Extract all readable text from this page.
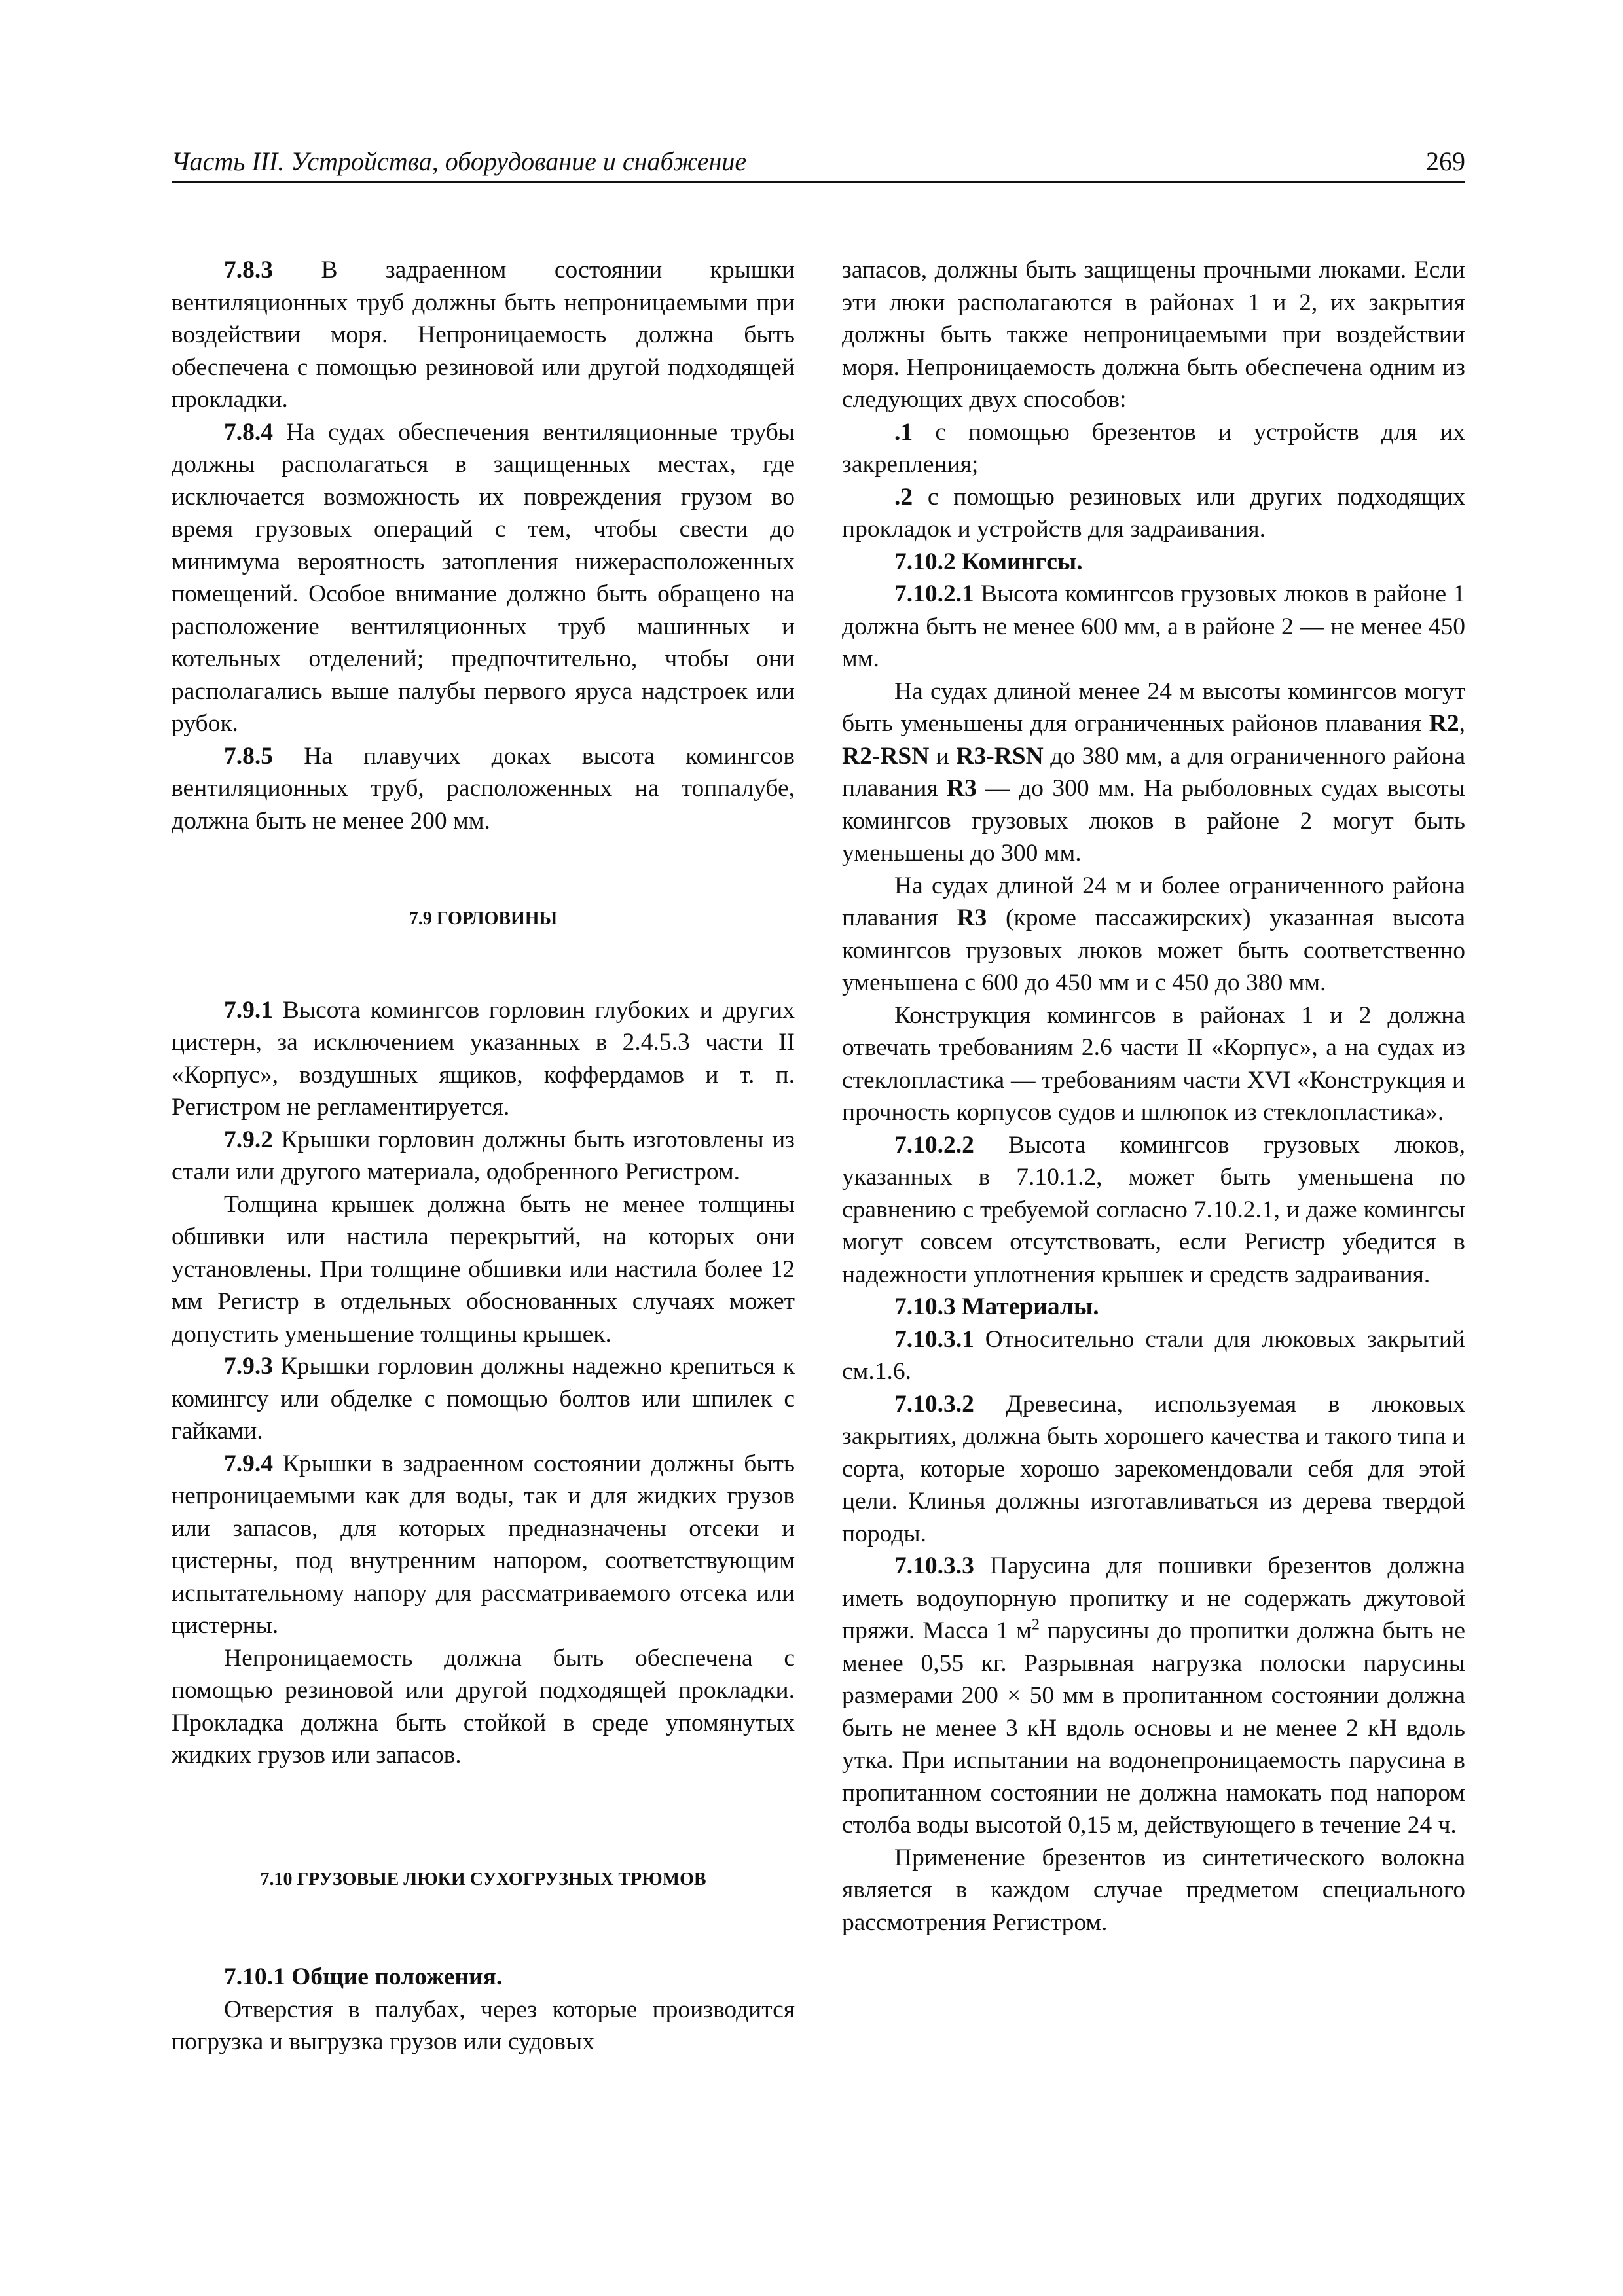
Часть III. Устройства, оборудование и снабжение	269

7.8.3 В задраенном состоянии крышки вентиляционных труб должны быть непроницаемыми при воздействии моря. Непроницаемость должна быть обеспечена с помощью резиновой или другой подходящей прокладки.

7.8.4 На судах обеспечения вентиляционные трубы должны располагаться в защищенных местах, где исключается возможность их повреждения грузом во время грузовых операций с тем, чтобы свести до минимума вероятность затопления нижерасположенных помещений. Особое внимание должно быть обращено на расположение вентиляционных труб машинных и котельных отделений; предпочтительно, чтобы они располагались выше палубы первого яруса надстроек или рубок.

7.8.5 На плавучих доках высота комингсов вентиляционных труб, расположенных на топпалубе, должна быть не менее 200 мм.

7.9 ГОРЛОВИНЫ

7.9.1 Высота комингсов горловин глубоких и других цистерн, за исключением указанных в 2.4.5.3 части II «Корпус», воздушных ящиков, коффердамов и т. п. Регистром не регламентируется.

7.9.2 Крышки горловин должны быть изготовлены из стали или другого материала, одобренного Регистром.

Толщина крышек должна быть не менее толщины обшивки или настила перекрытий, на которых они установлены. При толщине обшивки или настила более 12 мм Регистр в отдельных обоснованных случаях может допустить уменьшение толщины крышек.

7.9.3 Крышки горловин должны надежно крепиться к комингсу или обделке с помощью болтов или шпилек с гайками.

7.9.4 Крышки в задраенном состоянии должны быть непроницаемыми как для воды, так и для жидких грузов или запасов, для которых предназначены отсеки и цистерны, под внутренним напором, соответствующим испытательному напору для рассматриваемого отсека или цистерны.

Непроницаемость должна быть обеспечена с помощью резиновой или другой подходящей прокладки. Прокладка должна быть стойкой в среде упомянутых жидких грузов или запасов.

7.10 ГРУЗОВЫЕ ЛЮКИ СУХОГРУЗНЫХ ТРЮМОВ

7.10.1 Общие положения.

Отверстия в палубах, через которые производится погрузка и выгрузка грузов или судовых

запасов, должны быть защищены прочными люками. Если эти люки располагаются в районах 1 и 2, их закрытия должны быть также непроницаемыми при воздействии моря. Непроницаемость должна быть обеспечена одним из следующих двух способов:

.1 с помощью брезентов и устройств для их закрепления;

.2 с помощью резиновых или других подходящих прокладок и устройств для задраивания.

7.10.2 Комингсы.

7.10.2.1 Высота комингсов грузовых люков в районе 1 должна быть не менее 600 мм, а в районе 2 — не менее 450 мм.

На судах длиной менее 24 м высоты комингсов могут быть уменьшены для ограниченных районов плавания R2, R2-RSN и R3-RSN до 380 мм, а для ограниченного района плавания R3 — до 300 мм. На рыболовных судах высоты комингсов грузовых люков в районе 2 могут быть уменьшены до 300 мм.

На судах длиной 24 м и более ограниченного района плавания R3 (кроме пассажирских) указанная высота комингсов грузовых люков может быть соответственно уменьшена с 600 до 450 мм и с 450 до 380 мм.

Конструкция комингсов в районах 1 и 2 должна отвечать требованиям 2.6 части II «Корпус», а на судах из стеклопластика — требованиям части XVI «Конструкция и прочность корпусов судов и шлюпок из стеклопластика».

7.10.2.2 Высота комингсов грузовых люков, указанных в 7.10.1.2, может быть уменьшена по сравнению с требуемой согласно 7.10.2.1, и даже комингсы могут совсем отсутствовать, если Регистр убедится в надежности уплотнения крышек и средств задраивания.

7.10.3 Материалы.

7.10.3.1 Относительно стали для люковых закрытий см.1.6.

7.10.3.2 Древесина, используемая в люковых закрытиях, должна быть хорошего качества и такого типа и сорта, которые хорошо зарекомендовали себя для этой цели. Клинья должны изготавливаться из дерева твердой породы.

7.10.3.3 Парусина для пошивки брезентов должна иметь водоупорную пропитку и не содержать джутовой пряжи. Масса 1 $м^2$ парусины до пропитки должна быть не менее 0,55 кг. Разрывная нагрузка полоски парусины размерами 200 × 50 мм в пропитанном состоянии должна быть не менее 3 кН вдоль основы и не менее 2 кН вдоль утка. При испытании на водонепроницаемость парусина в пропитанном состоянии не должна намокать под напором столба воды высотой 0,15 м, действующего в течение 24 ч.

Применение брезентов из синтетического волокна является в каждом случае предметом специального рассмотрения Регистром.
